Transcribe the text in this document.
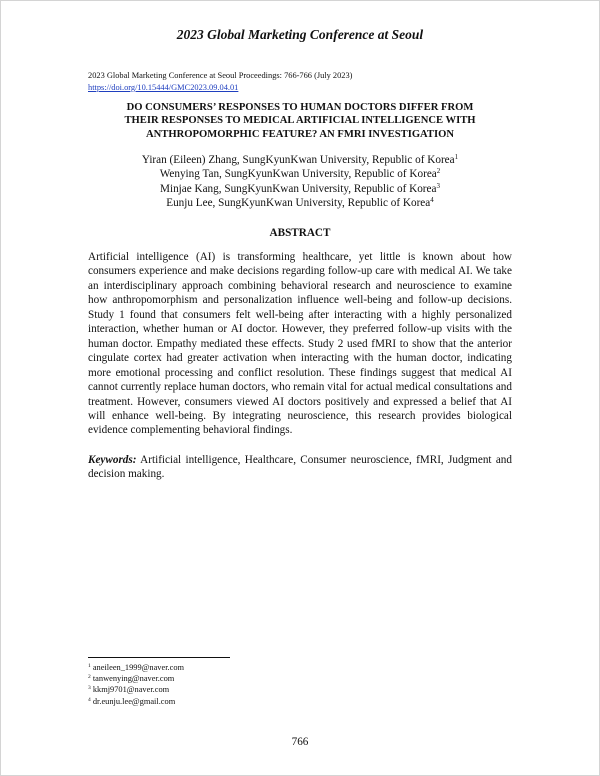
2023 Global Marketing Conference at Seoul
2023 Global Marketing Conference at Seoul Proceedings: 766-766 (July 2023)
https://doi.org/10.15444/GMC2023.09.04.01
DO CONSUMERS’ RESPONSES TO HUMAN DOCTORS DIFFER FROM
THEIR RESPONSES TO MEDICAL ARTIFICIAL INTELLIGENCE WITH
ANTHROPOMORPHIC FEATURE? AN FMRI INVESTIGATION
Yiran (Eileen) Zhang, SungKyunKwan University, Republic of Korea$^1$
Wenying Tan, SungKyunKwan University, Republic of Korea$^2$
Minjae Kang, SungKyunKwan University, Republic of Korea$^3$
Eunju Lee, SungKyunKwan University, Republic of Korea$^4$
ABSTRACT

Artificial intelligence (AI) is transforming healthcare, yet little is known about how consumers experience and make decisions regarding follow-up care with medical AI. We take an interdisciplinary approach combining behavioral research and neuroscience to examine how anthropomorphism and personalization influence well-being and follow-up decisions. Study 1 found that consumers felt well-being after interacting with a highly personalized interaction, whether human or AI doctor. However, they preferred follow-up visits with the human doctor. Empathy mediated these effects. Study 2 used fMRI to show that the anterior cingulate cortex had greater activation when interacting with the human doctor, indicating more emotional processing and conflict resolution. These findings suggest that medical AI cannot currently replace human doctors, who remain vital for actual medical consultations and treatment. However, consumers viewed AI doctors positively and expressed a belief that AI will enhance well-being. By integrating neuroscience, this research provides biological evidence complementing behavioral findings.

Keywords: Artificial intelligence, Healthcare, Consumer neuroscience, fMRI, Judgment and decision making.

$^1$ aneileen_1999@naver.com
$^2$ tanwenying@naver.com
$^3$ kkmj9701@naver.com
$^4$ dr.eunju.lee@gmail.com
766
